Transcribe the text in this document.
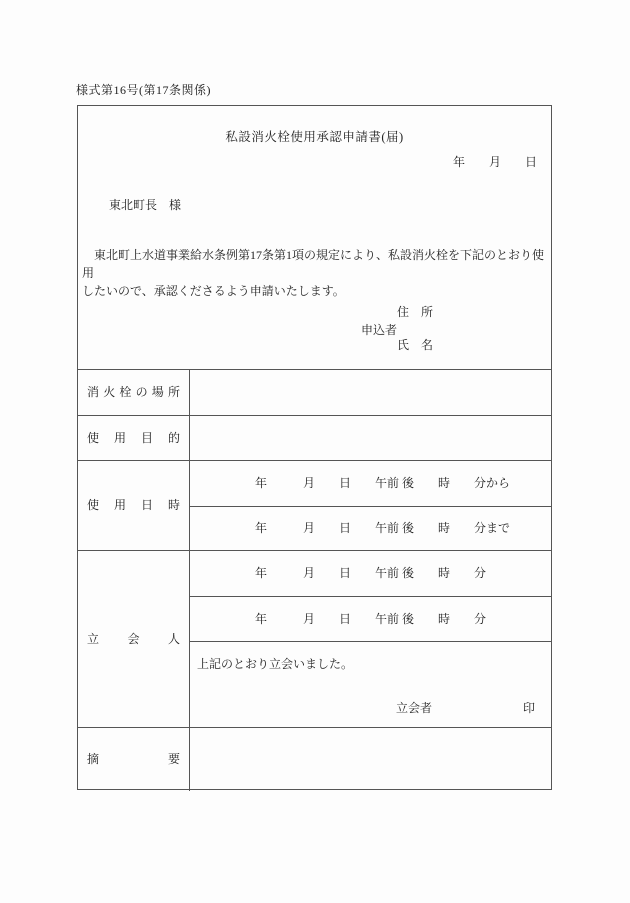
様式第16号(第17条関係)
私設消火栓使用承認申請書(届)
年　　月　　日
東北町長　様
　東北町上水道事業給水条例第17条第1項の規定により、私設消火栓を下記のとおり使用
したいので、承認くださるよう申請いたします。
申込者
住　所
氏　名
消火栓の場所
使用目的
使用日時
年　　　月　　日　　午前 後　　時　　分から
年　　　月　　日　　午前 後　　時　　分まで
立会人
年　　　月　　日　　午前 後　　時　　分
年　　　月　　日　　午前 後　　時　　分
上記のとおり立会いました。
立会者	印
摘要
